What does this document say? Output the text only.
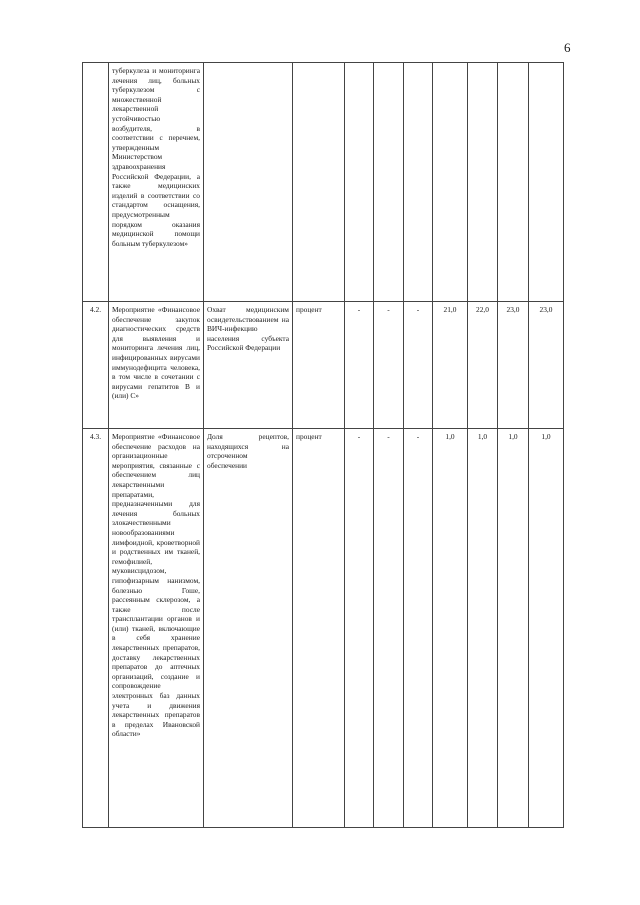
6

	туберкулеза и мониторинга лечения лиц, больных туберкулезом с множественной лекарственной устойчивостью возбудителя, в соответствии с перечнем, утвержденным Министерством здравоохранения Российской Федерации, а также медицинских изделий в соответствии со стандартом оснащения, предусмотренным порядком оказания медицинской помощи больным туберкулезом»									

4.2.	Мероприятие «Финансовое обеспечение закупок диагностических средств для выявления и мониторинга лечения лиц, инфицированных вирусами иммунодефицита человека, в том числе в сочетании с вирусами гепатитов B и (или) C»	Охват медицинским освидетельствованием на ВИЧ-инфекцию населения субъекта Российской Федерации	процент	-	-	-	21,0	22,0	23,0	23,0
4.3.	Мероприятие «Финансовое обеспечение расходов на организационные мероприятия, связанные с обеспечением лиц лекарственными препаратами, предназначенными для лечения больных злокачественными новообразованиями лимфоидной, кроветворной и родственных им тканей, гемофилией, муковисцидозом, гипофизарным нанизмом, болезнью Гоше, рассеянным склерозом, а также после трансплантации органов и (или) тканей, включающие в себя хранение лекарственных препаратов, доставку лекарственных препаратов до аптечных организаций, создание и сопровождение электронных баз данных учета и движения лекарственных препаратов в пределах Ивановской области»	Доля рецептов, находящихся на отсроченном обеспечении	процент	-	-	-	1,0	1,0	1,0	1,0
